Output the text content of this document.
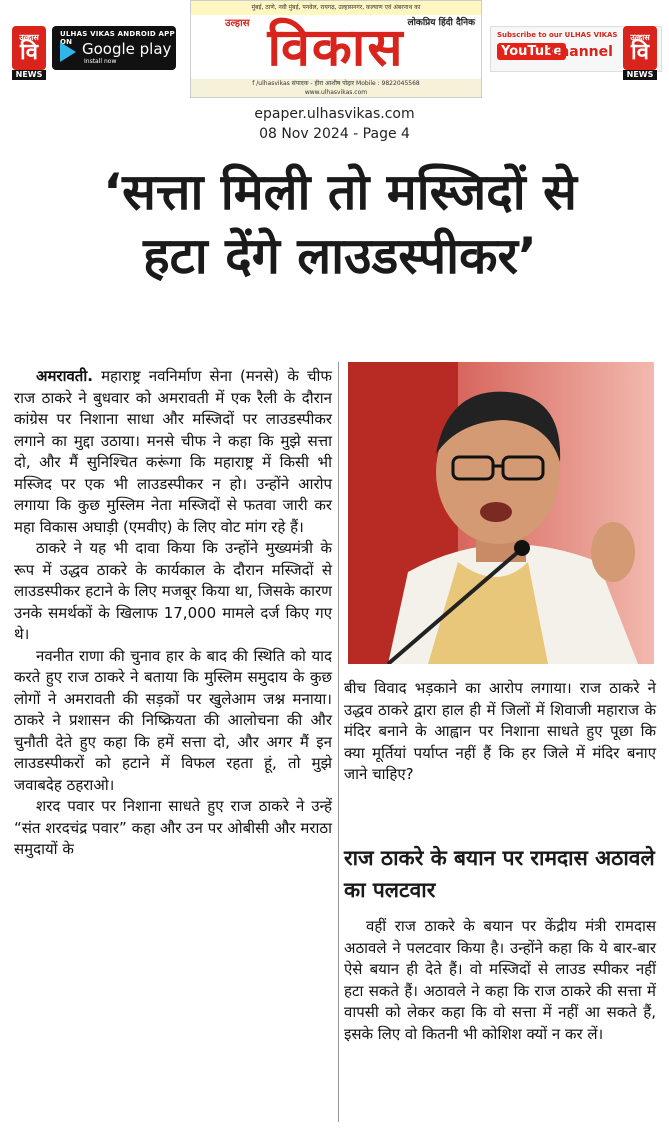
उल्हास
वि
NEWS
ULHAS VIKAS ANDROID APP ON Google play
Install now
मुंबई, ठाणे, नवी मुंबई, पनवेल, रायगढ़, उल्हासनगर, कल्याण एवं अंबरनाथ का
लोकप्रिय हिंदी दैनिक
उल्हास विकास
f /ulhasvikas संपादक - हीरा आशीष पोद्दार Mobile : 9822045568
www.ulhasvikas.com
Subscribe to our ULHAS VIKAS
YouTube
Channel
उल्हास
वि
NEWS
epaper.ulhasvikas.com
08 Nov 2024 - Page 4
‘सत्ता मिली तो मस्जिदों से
हटा देंगे लाउडस्पीकर’

अमरावती. महाराष्ट्र नवनिर्माण सेना (मनसे) के चीफ राज ठाकरे ने बुधवार को अमरावती में एक रैली के दौरान कांग्रेस पर निशाना साधा और मस्जिदों पर लाउडस्पीकर लगाने का मुद्दा उठाया। मनसे चीफ ने कहा कि मुझे सत्ता दो, और मैं सुनिश्चित करूंगा कि महाराष्ट्र में किसी भी मस्जिद पर एक भी लाउडस्पीकर न हो। उन्होंने आरोप लगाया कि कुछ मुस्लिम नेता मस्जिदों से फतवा जारी कर महा विकास अघाड़ी (एमवीए) के लिए वोट मांग रहे हैं।

ठाकरे ने यह भी दावा किया कि उन्होंने मुख्यमंत्री के रूप में उद्धव ठाकरे के कार्यकाल के दौरान मस्जिदों से लाउडस्पीकर हटाने के लिए मजबूर किया था, जिसके कारण उनके समर्थकों के खिलाफ 17,000 मामले दर्ज किए गए थे।

नवनीत राणा की चुनाव हार के बाद की स्थिति को याद करते हुए राज ठाकरे ने बताया कि मुस्लिम समुदाय के कुछ लोगों ने अमरावती की सड़कों पर खुलेआम जश्न मनाया। ठाकरे ने प्रशासन की निष्क्रियता की आलोचना की और चुनौती देते हुए कहा कि हमें सत्ता दो, और अगर मैं इन लाउडस्पीकरों को हटाने में विफल रहता हूं, तो मुझे जवाबदेह ठहराओ।

शरद पवार पर निशाना साधते हुए राज ठाकरे ने उन्हें “संत शरदचंद्र पवार” कहा और उन पर ओबीसी और मराठा समुदायों के

बीच विवाद भड़काने का आरोप लगाया। राज ठाकरे ने उद्धव ठाकरे द्वारा हाल ही में जिलों में शिवाजी महाराज के मंदिर बनाने के आह्वान पर निशाना साधते हुए पूछा कि क्या मूर्तियां पर्याप्त नहीं हैं कि हर जिले में मंदिर बनाए जाने चाहिए?

राज ठाकरे के बयान पर रामदास अठावले का पलटवार

वहीं राज ठाकरे के बयान पर केंद्रीय मंत्री रामदास अठावले ने पलटवार किया है। उन्होंने कहा कि ये बार-बार ऐसे बयान ही देते हैं। वो मस्जिदों से लाउड स्पीकर नहीं हटा सकते हैं। अठावले ने कहा कि राज ठाकरे की सत्ता में वापसी को लेकर कहा कि वो सत्ता में नहीं आ सकते हैं, इसके लिए वो कितनी भी कोशिश क्यों न कर लें।
